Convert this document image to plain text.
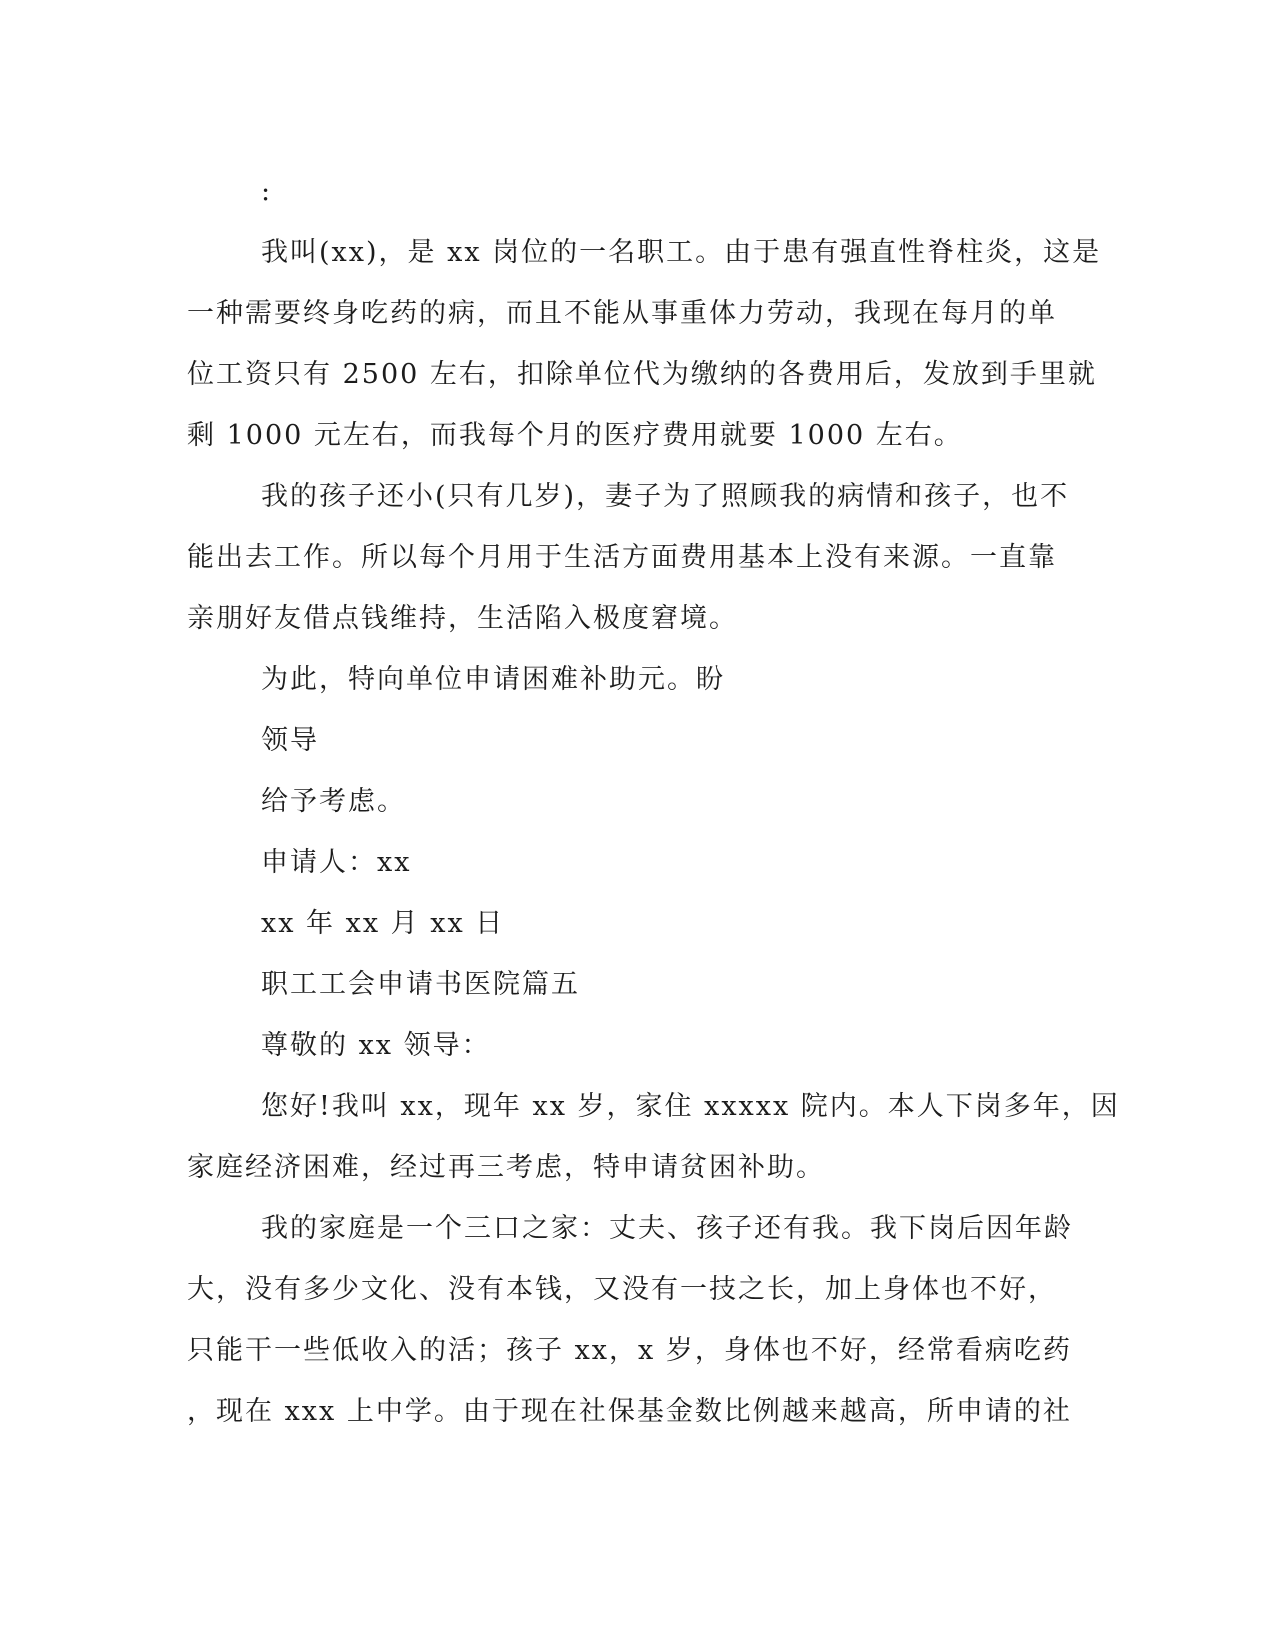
:
我叫(xx)，是 xx 岗位的一名职工。由于患有强直性脊柱炎，这是
一种需要终身吃药的病，而且不能从事重体力劳动，我现在每月的单
位工资只有 2500 左右，扣除单位代为缴纳的各费用后，发放到手里就
剩 1000 元左右，而我每个月的医疗费用就要 1000 左右。
我的孩子还小(只有几岁)，妻子为了照顾我的病情和孩子，也不
能出去工作。所以每个月用于生活方面费用基本上没有来源。一直靠
亲朋好友借点钱维持，生活陷入极度窘境。
为此，特向单位申请困难补助元。盼
领导
给予考虑。
申请人：xx
xx 年 xx 月 xx 日
职工工会申请书医院篇五
尊敬的 xx 领导：
您好!我叫 xx，现年 xx 岁，家住 xxxxx 院内。本人下岗多年，因
家庭经济困难，经过再三考虑，特申请贫困补助。
我的家庭是一个三口之家：丈夫、孩子还有我。我下岗后因年龄
大，没有多少文化、没有本钱，又没有一技之长，加上身体也不好，
只能干一些低收入的活；孩子 xx，x 岁，身体也不好，经常看病吃药
，现在 xxx 上中学。由于现在社保基金数比例越来越高，所申请的社
